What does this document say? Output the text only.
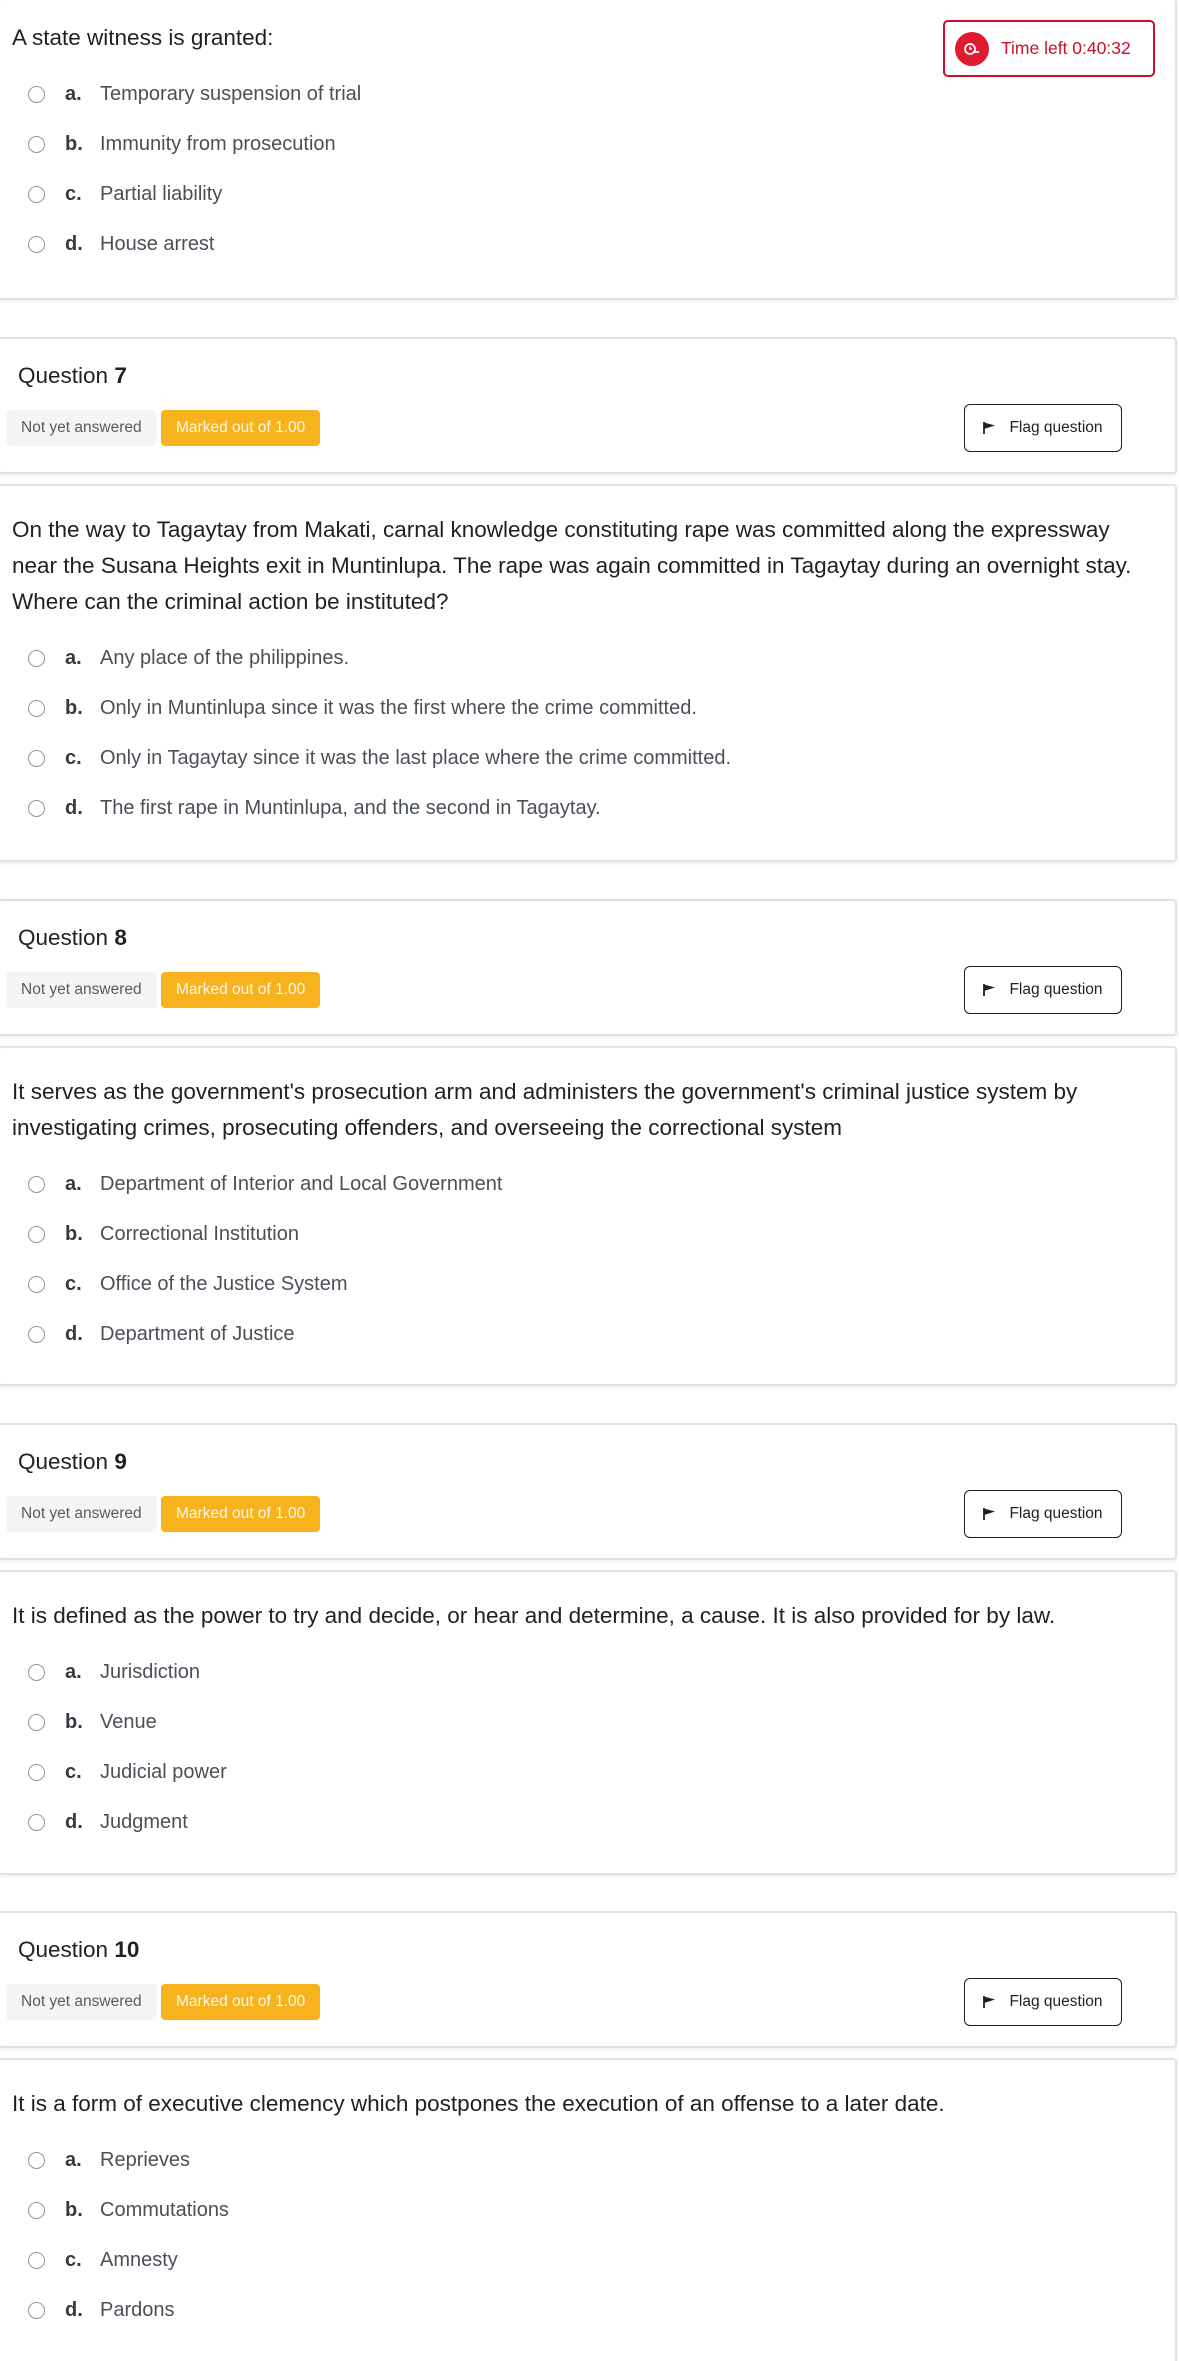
A state witness is granted:
a. Temporary suspension of trial
b. Immunity from prosecution
c. Partial liability
d. House arrest
Time left 0:40:32
Question 7
Not yet answered	Marked out of 1.00	Flag question
On the way to Tagaytay from Makati, carnal knowledge constituting rape was committed along the expressway near the Susana Heights exit in Muntinlupa. The rape was again committed in Tagaytay during an overnight stay. Where can the criminal action be instituted?
a. Any place of the philippines.
b. Only in Muntinlupa since it was the first where the crime committed.
c. Only in Tagaytay since it was the last place where the crime committed.
d. The first rape in Muntinlupa, and the second in Tagaytay.
Question 8
Not yet answered	Marked out of 1.00	Flag question
It serves as the government's prosecution arm and administers the government's criminal justice system by investigating crimes, prosecuting offenders, and overseeing the correctional system
a. Department of Interior and Local Government
b. Correctional Institution
c. Office of the Justice System
d. Department of Justice
Question 9
Not yet answered	Marked out of 1.00	Flag question
It is defined as the power to try and decide, or hear and determine, a cause. It is also provided for by law.
a. Jurisdiction
b. Venue
c. Judicial power
d. Judgment
Question 10
Not yet answered	Marked out of 1.00	Flag question
It is a form of executive clemency which postpones the execution of an offense to a later date.
a. Reprieves
b. Commutations
c. Amnesty
d. Pardons
